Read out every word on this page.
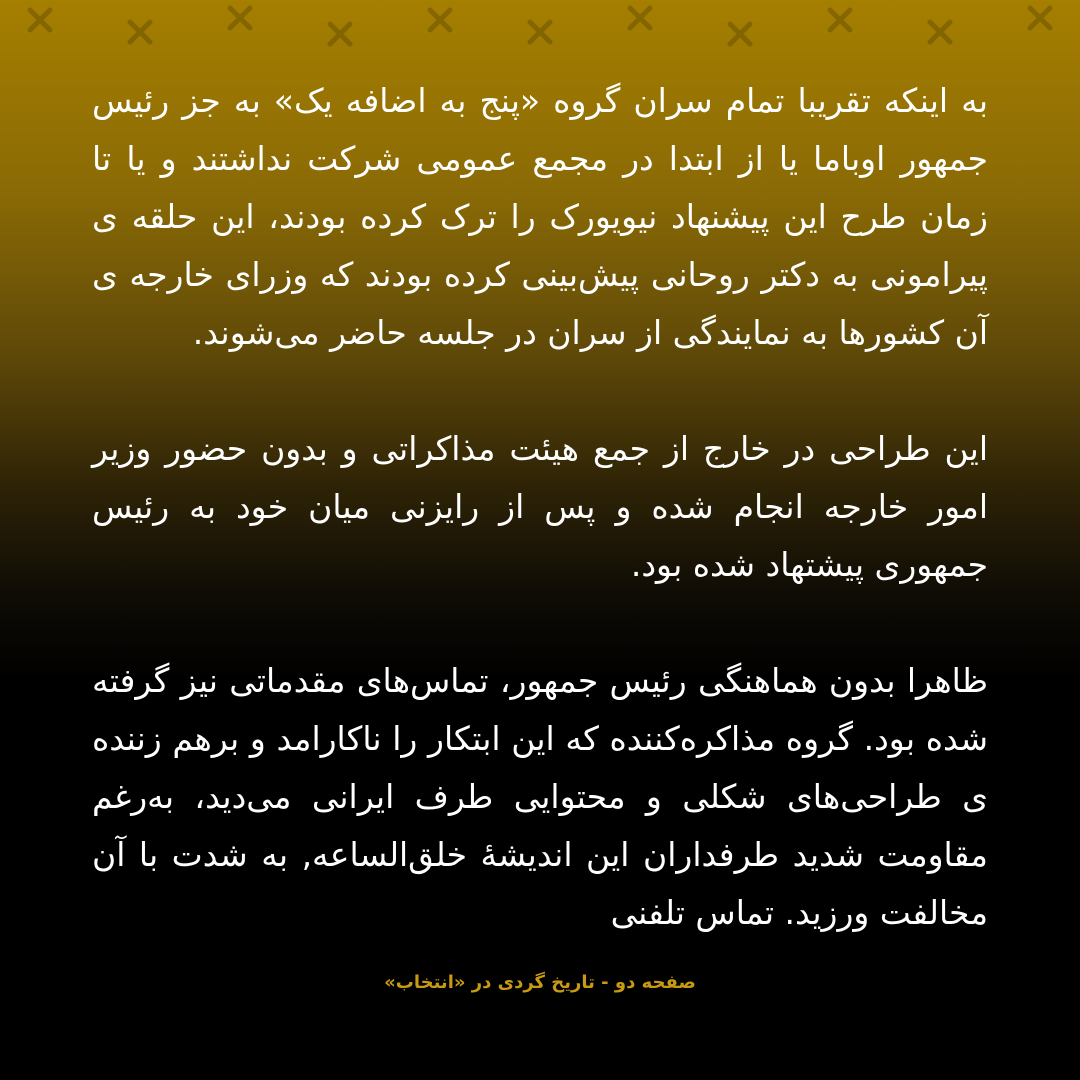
به اینکه تقریبا تمام سران گروه «پنج به اضافه یک» به جز رئیس جمهور اوباما یا از ابتدا در مجمع عمومی شرکت نداشتند و یا تا زمان طرح این پیشنهاد نیویورک را ترک کرده بودند، این حلقه ی پیرامونی به دکتر روحانی پیش‌بینی کرده بودند که وزرای خارجه ی آن کشورها به نمایندگی از سران در جلسه حاضر می‌شوند.

این طراحی در خارج از جمع هیئت مذاکراتی و بدون حضور وزیر امور خارجه انجام شده و پس از رایزنی میان خود به رئیس جمهوری پیشتهاد شده بود.

ظاهرا بدون هماهنگی رئیس جمهور، تماس‌های مقدماتی نیز گرفته شده بود. گروه مذاکره‌کننده که این ابتکار را ناکارامد و برهم زننده ی طراحی‌های شکلی و محتوایی طرف ایرانی می‌دید، به‌رغم مقاومت شدید طرفداران این اندیشهٔ خلق‌الساعه, به شدت با آن مخالفت ورزید. تماس تلفنی

صفحه دو - تاریخ گردی در «انتخاب»
